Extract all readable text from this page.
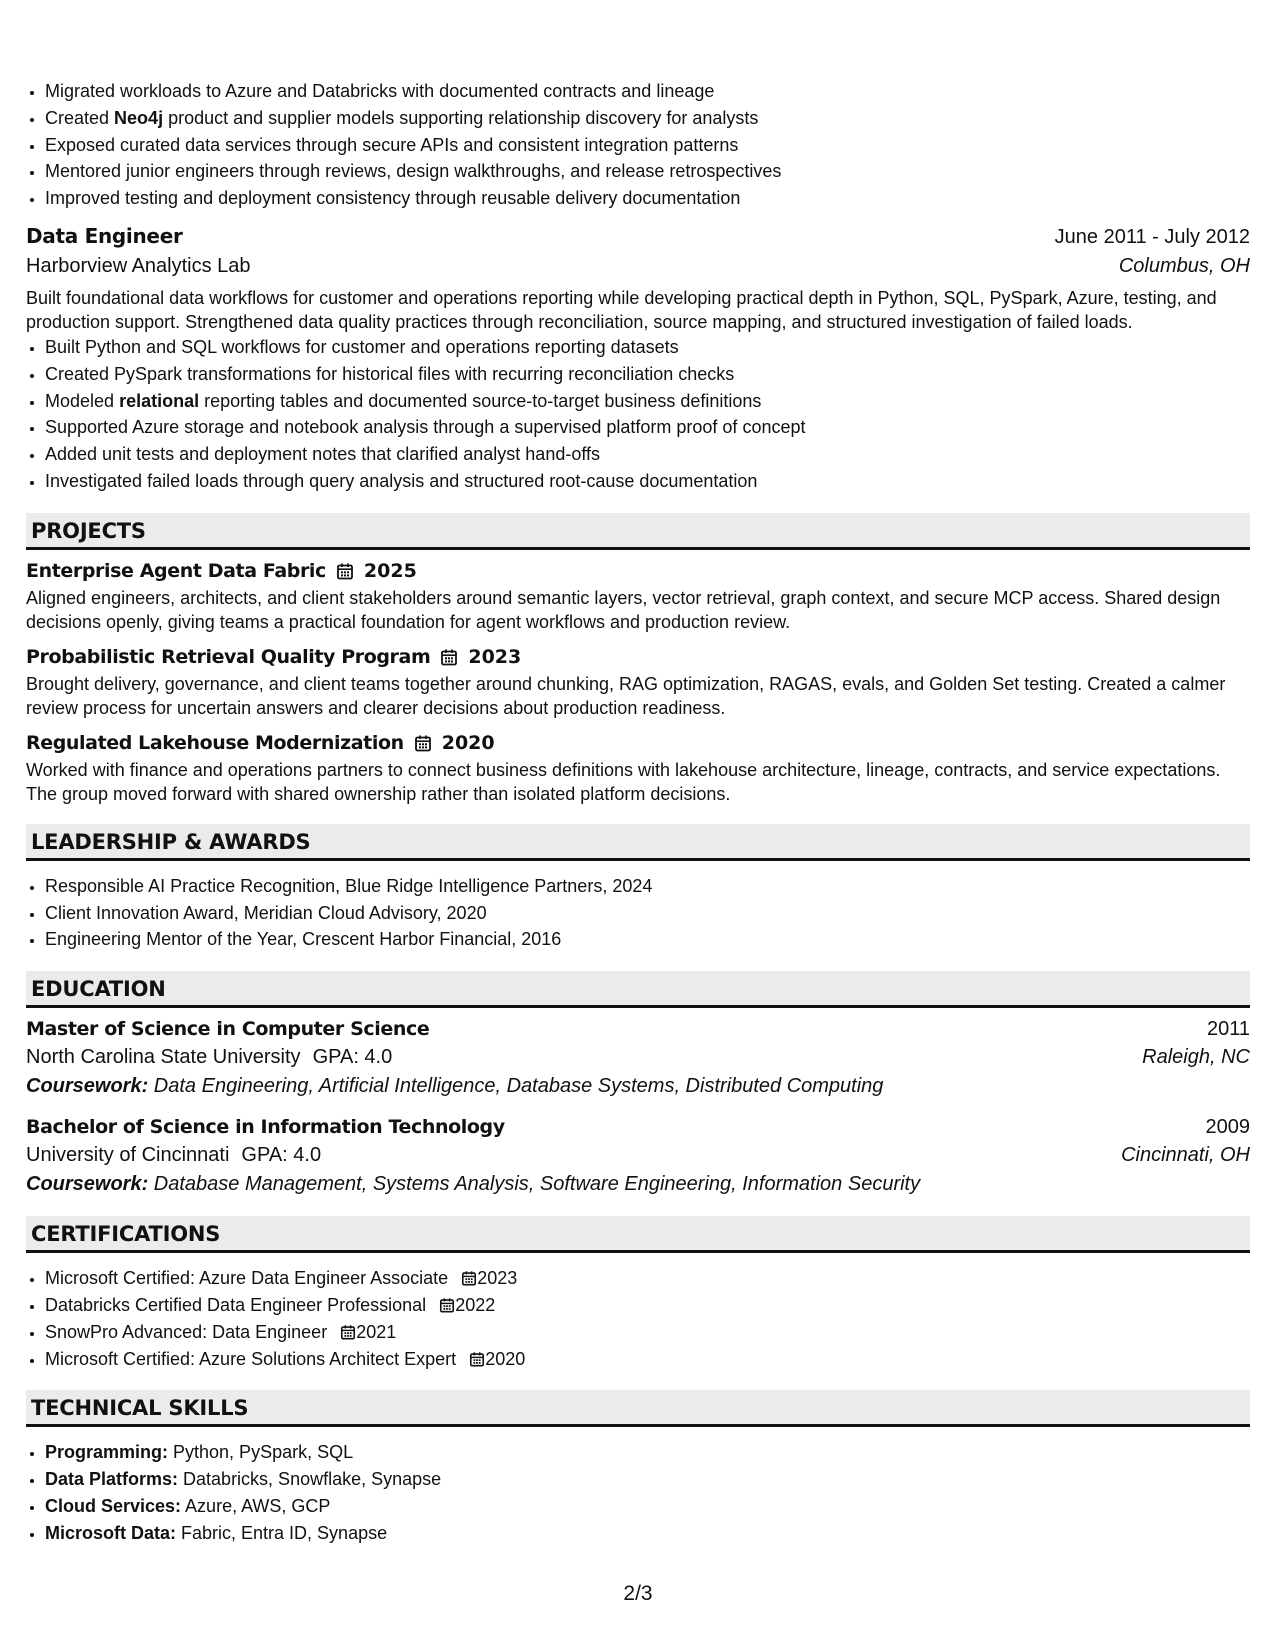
• Migrated workloads to Azure and Databricks with documented contracts and lineage
• Created Neo4j product and supplier models supporting relationship discovery for analysts
• Exposed curated data services through secure APIs and consistent integration patterns
• Mentored junior engineers through reviews, design walkthroughs, and release retrospectives
• Improved testing and deployment consistency through reusable delivery documentation
Data Engineer	June 2011 - July 2012
Harborview Analytics Lab	Columbus, OH
Built foundational data workflows for customer and operations reporting while developing practical depth in Python, SQL, PySpark, Azure, testing, and production support. Strengthened data quality practices through reconciliation, source mapping, and structured investigation of failed loads.
• Built Python and SQL workflows for customer and operations reporting datasets
• Created PySpark transformations for historical files with recurring reconciliation checks
• Modeled relational reporting tables and documented source-to-target business definitions
• Supported Azure storage and notebook analysis through a supervised platform proof of concept
• Added unit tests and deployment notes that clarified analyst hand-offs
• Investigated failed loads through query analysis and structured root-cause documentation
PROJECTS
Enterprise Agent Data Fabric 2025
Aligned engineers, architects, and client stakeholders around semantic layers, vector retrieval, graph context, and secure MCP access. Shared design decisions openly, giving teams a practical foundation for agent workflows and production review.
Probabilistic Retrieval Quality Program 2023
Brought delivery, governance, and client teams together around chunking, RAG optimization, RAGAS, evals, and Golden Set testing. Created a calmer review process for uncertain answers and clearer decisions about production readiness.
Regulated Lakehouse Modernization 2020
Worked with finance and operations partners to connect business definitions with lakehouse architecture, lineage, contracts, and service expectations. The group moved forward with shared ownership rather than isolated platform decisions.
LEADERSHIP & AWARDS
• Responsible AI Practice Recognition, Blue Ridge Intelligence Partners, 2024
• Client Innovation Award, Meridian Cloud Advisory, 2020
• Engineering Mentor of the Year, Crescent Harbor Financial, 2016
EDUCATION
Master of Science in Computer Science	2011
North Carolina State University GPA: 4.0	Raleigh, NC
Coursework: Data Engineering, Artificial Intelligence, Database Systems, Distributed Computing
Bachelor of Science in Information Technology	2009
University of Cincinnati GPA: 4.0	Cincinnati, OH
Coursework: Database Management, Systems Analysis, Software Engineering, Information Security
CERTIFICATIONS
• Microsoft Certified: Azure Data Engineer Associate 2023
• Databricks Certified Data Engineer Professional 2022
• SnowPro Advanced: Data Engineer 2021
• Microsoft Certified: Azure Solutions Architect Expert 2020
TECHNICAL SKILLS
• Programming: Python, PySpark, SQL
• Data Platforms: Databricks, Snowflake, Synapse
• Cloud Services: Azure, AWS, GCP
• Microsoft Data: Fabric, Entra ID, Synapse
2/3
